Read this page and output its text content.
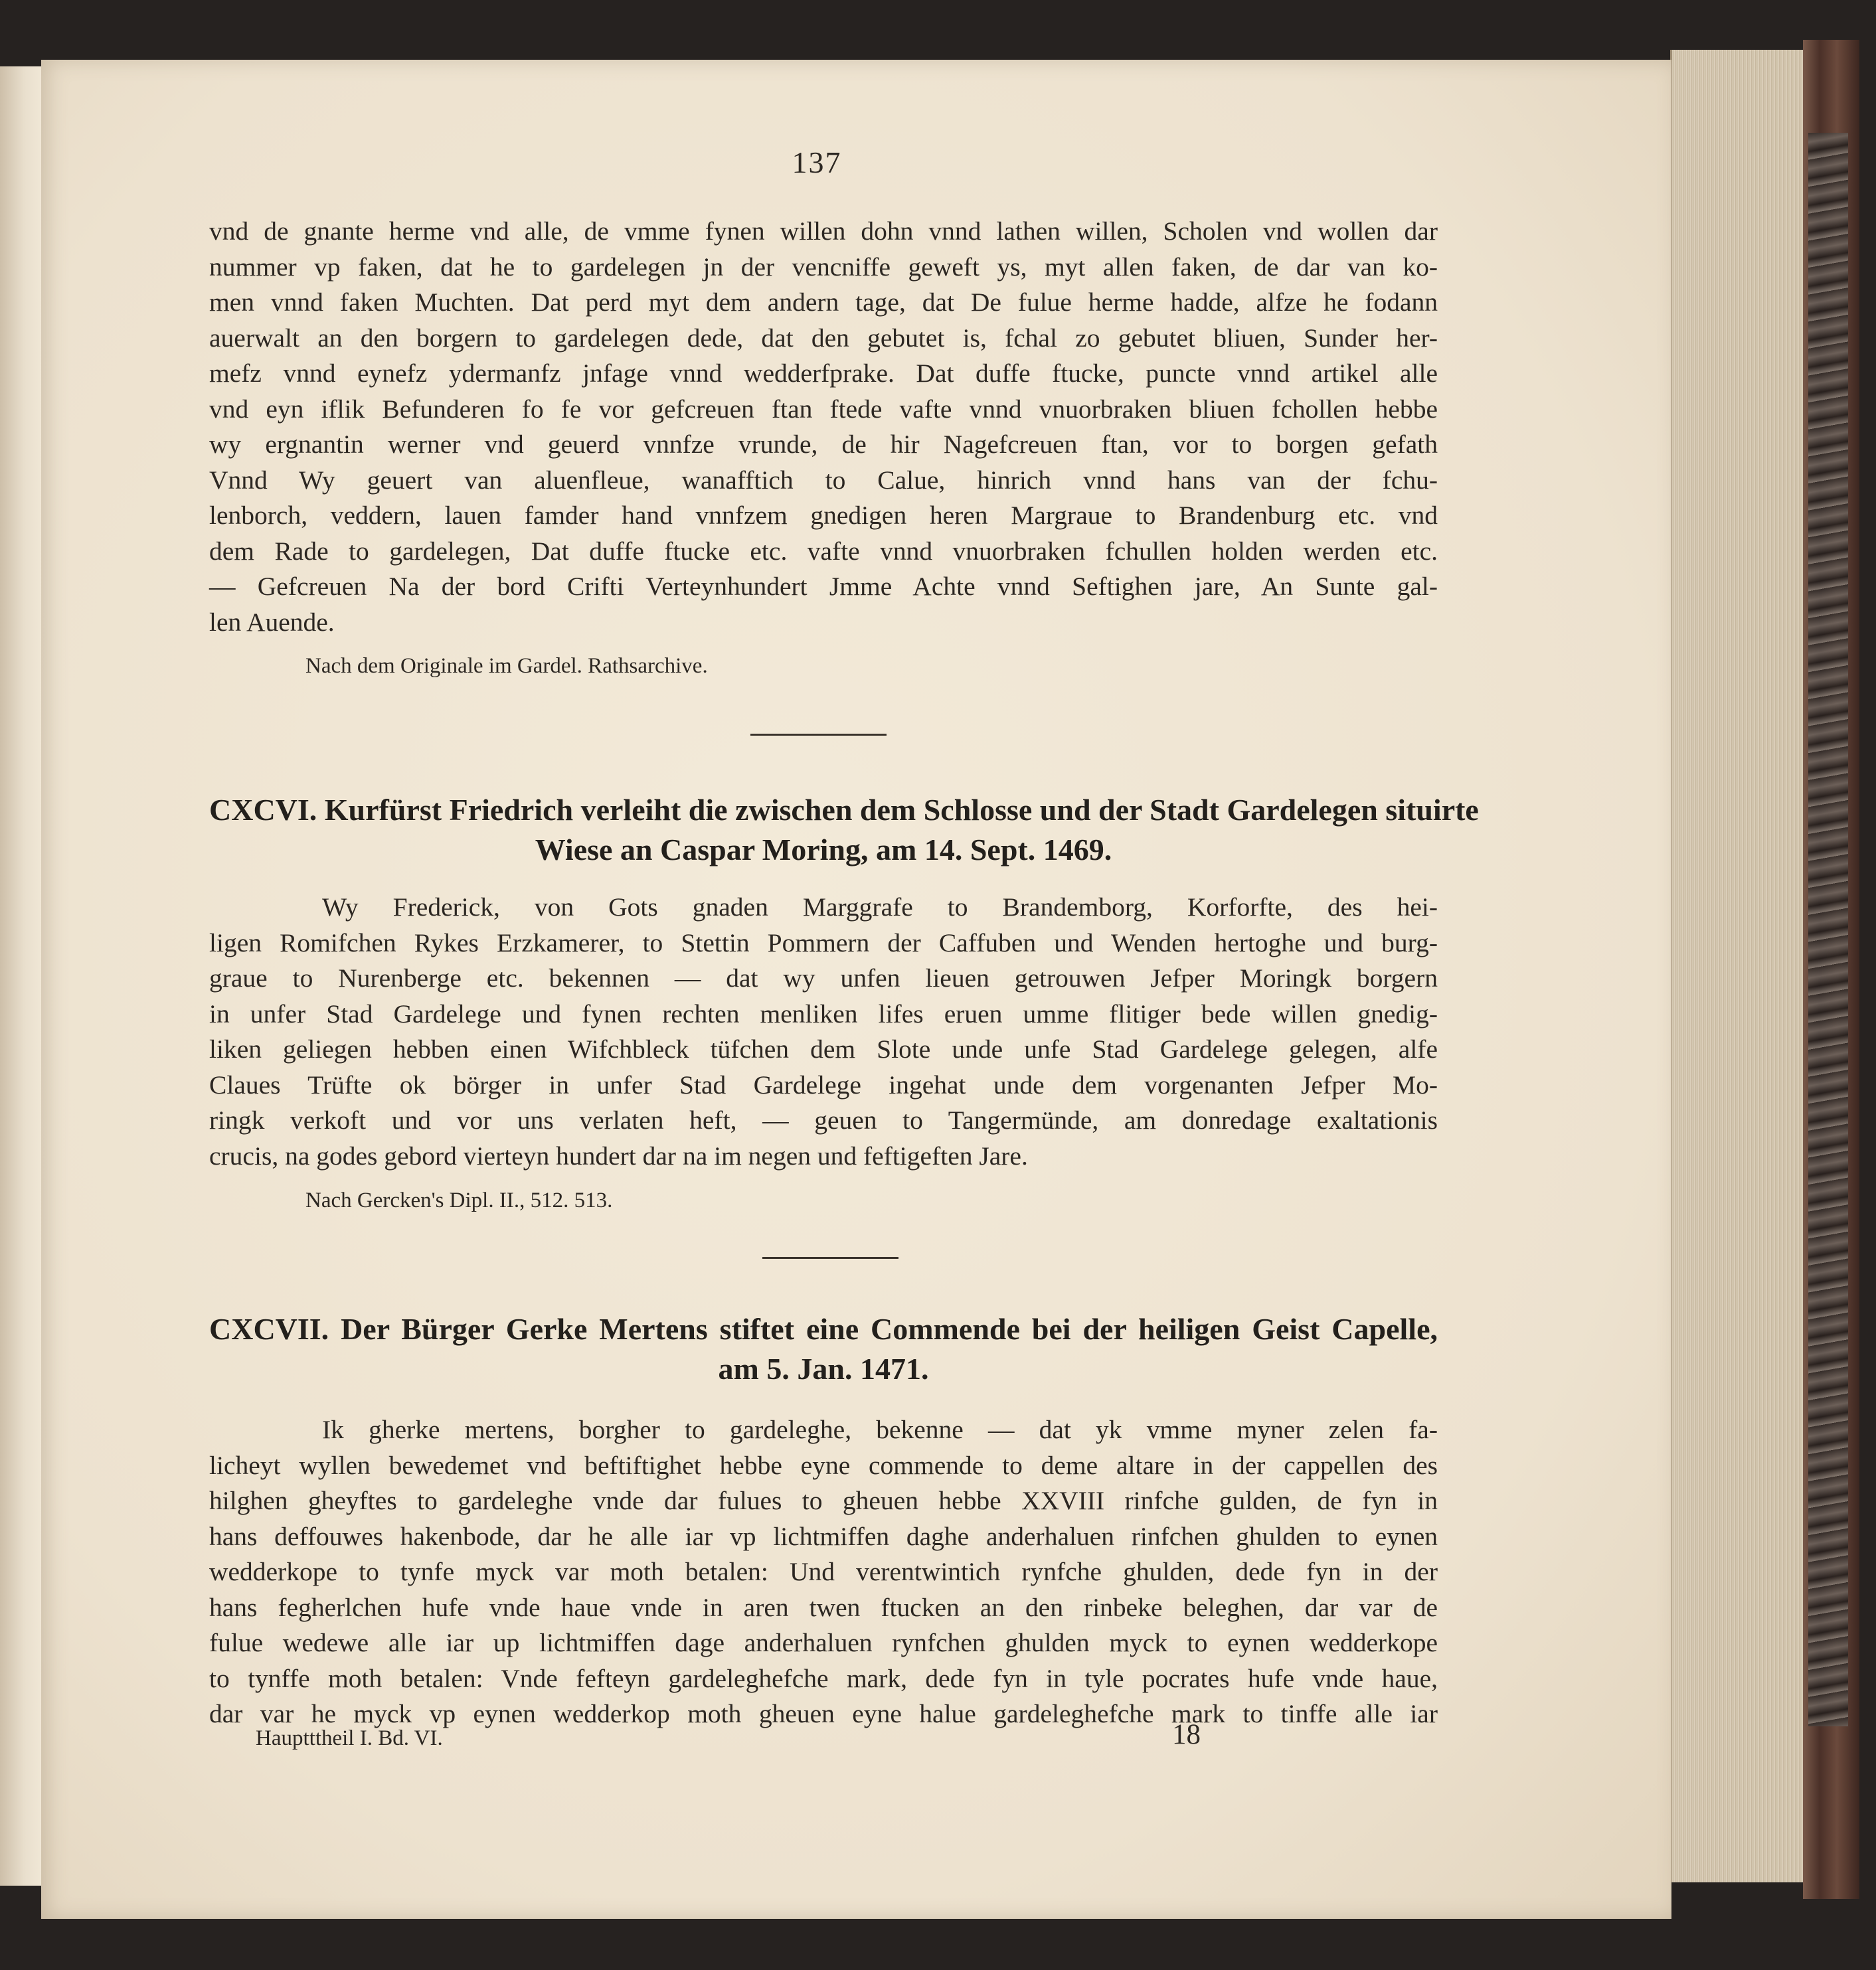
137

vnd de gnante herme vnd alle, de vmme fynen willen dohn vnnd lathen willen, Scholen vnd wollen dar

nummer vp faken, dat he to gardelegen jn der vencniffe geweft ys, myt allen faken, de dar van ko-

men vnnd faken Muchten. Dat perd myt dem andern tage, dat De fulue herme hadde, alfze he fodann

auerwalt an den borgern to gardelegen dede, dat den gebutet is, fchal zo gebutet bliuen, Sunder her-

mefz vnnd eynefz ydermanfz jnfage vnnd wedderfprake. Dat duffe ftucke, puncte vnnd artikel alle

vnd eyn iflik Befunderen fo fe vor gefcreuen ftan ftede vafte vnnd vnuorbraken bliuen fchollen hebbe

wy ergnantin werner vnd geuerd vnnfze vrunde, de hir Nagefcreuen ftan, vor to borgen gefath

Vnnd Wy geuert van aluenfleue, wanafftich to Calue, hinrich vnnd hans van der fchu-

lenborch, veddern, lauen famder hand vnnfzem gnedigen heren Margraue to Brandenburg etc. vnd

dem Rade to gardelegen, Dat duffe ftucke etc. vafte vnnd vnuorbraken fchullen holden werden etc.

— Gefcreuen Na der bord Crifti Verteynhundert Jmme Achte vnnd Seftighen jare, An Sunte gal-

len Auende.

Nach dem Originale im Gardel. Rathsarchive.

CXCVI. Kurfürst Friedrich verleiht die zwischen dem Schlosse und der Stadt Gardelegen situirte

Wiese an Caspar Moring, am 14. Sept. 1469.

Wy Frederick, von Gots gnaden Marggrafe to Brandemborg, Korforfte, des hei-

ligen Romifchen Rykes Erzkamerer, to Stettin Pommern der Caffuben und Wenden hertoghe und burg-

graue to Nurenberge etc. bekennen — dat wy unfen lieuen getrouwen Jefper Moringk borgern

in unfer Stad Gardelege und fynen rechten menliken lifes eruen umme flitiger bede willen gnedig-

liken geliegen hebben einen Wifchbleck tüfchen dem Slote unde unfe Stad Gardelege gelegen, alfe

Claues Trüfte ok börger in unfer Stad Gardelege ingehat unde dem vorgenanten Jefper Mo-

ringk verkoft und vor uns verlaten heft, — geuen to Tangermünde, am donredage exaltationis

crucis, na godes gebord vierteyn hundert dar na im negen und feftigeften Jare.

Nach Gercken's Dipl. II., 512. 513.

CXCVII. Der Bürger Gerke Mertens stiftet eine Commende bei der heiligen Geist Capelle,

am 5. Jan. 1471.

Ik gherke mertens, borgher to gardeleghe, bekenne — dat yk vmme myner zelen fa-

licheyt wyllen bewedemet vnd beftiftighet hebbe eyne commende to deme altare in der cappellen des

hilghen gheyftes to gardeleghe vnde dar fulues to gheuen hebbe XXVIII rinfche gulden, de fyn in

hans deffouwes hakenbode, dar he alle iar vp lichtmiffen daghe anderhaluen rinfchen ghulden to eynen

wedderkope to tynfe myck var moth betalen: Und verentwintich rynfche ghulden, dede fyn in der

hans fegherlchen hufe vnde haue vnde in aren twen ftucken an den rinbeke beleghen, dar var de

fulue wedewe alle iar up lichtmiffen dage anderhaluen rynfchen ghulden myck to eynen wedderkope

to tynffe moth betalen: Vnde fefteyn gardeleghefche mark, dede fyn in tyle pocrates hufe vnde haue,

dar var he myck vp eynen wedderkop moth gheuen eyne halue gardeleghefche mark to tinffe alle iar

Hauptttheil I. Bd. VI.	18
